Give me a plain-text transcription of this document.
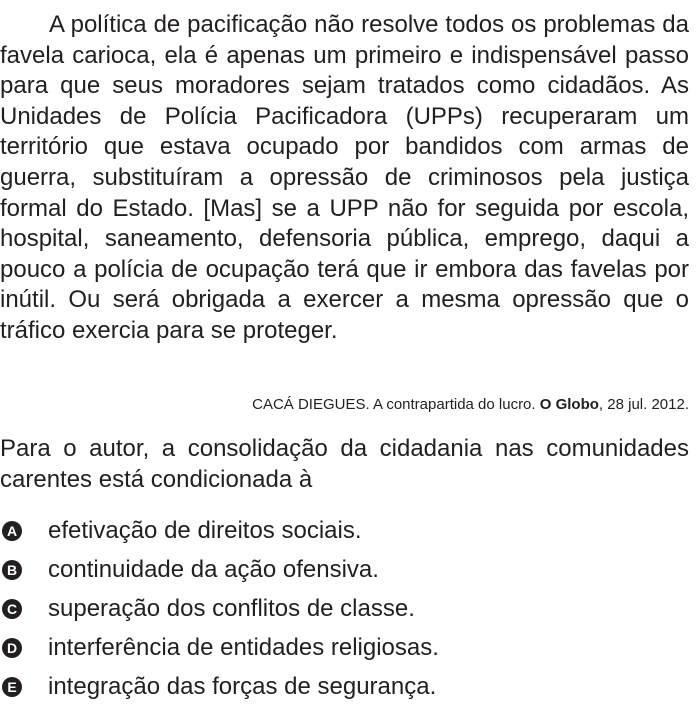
A política de pacificação não resolve todos os problemas da favela carioca, ela é apenas um primeiro e indispensável passo para que seus moradores sejam tratados como cidadãos. As Unidades de Polícia Pacificadora (UPPs) recuperaram um território que estava ocupado por bandidos com armas de guerra, substituíram a opressão de criminosos pela justiça formal do Estado. [Mas] se a UPP não for seguida por escola, hospital, saneamento, defensoria pública, emprego, daqui a pouco a polícia de ocupação terá que ir embora das favelas por inútil. Ou será obrigada a exercer a mesma opressão que o tráfico exercia para se proteger.

CACÁ DIEGUES. A contrapartida do lucro. O Globo, 28 jul. 2012.

Para o autor, a consolidação da cidadania nas comunidades carentes está condicionada à

A efetivação de direitos sociais.
B continuidade da ação ofensiva.
C superação dos conflitos de classe.
D interferência de entidades religiosas.
E integração das forças de segurança.
